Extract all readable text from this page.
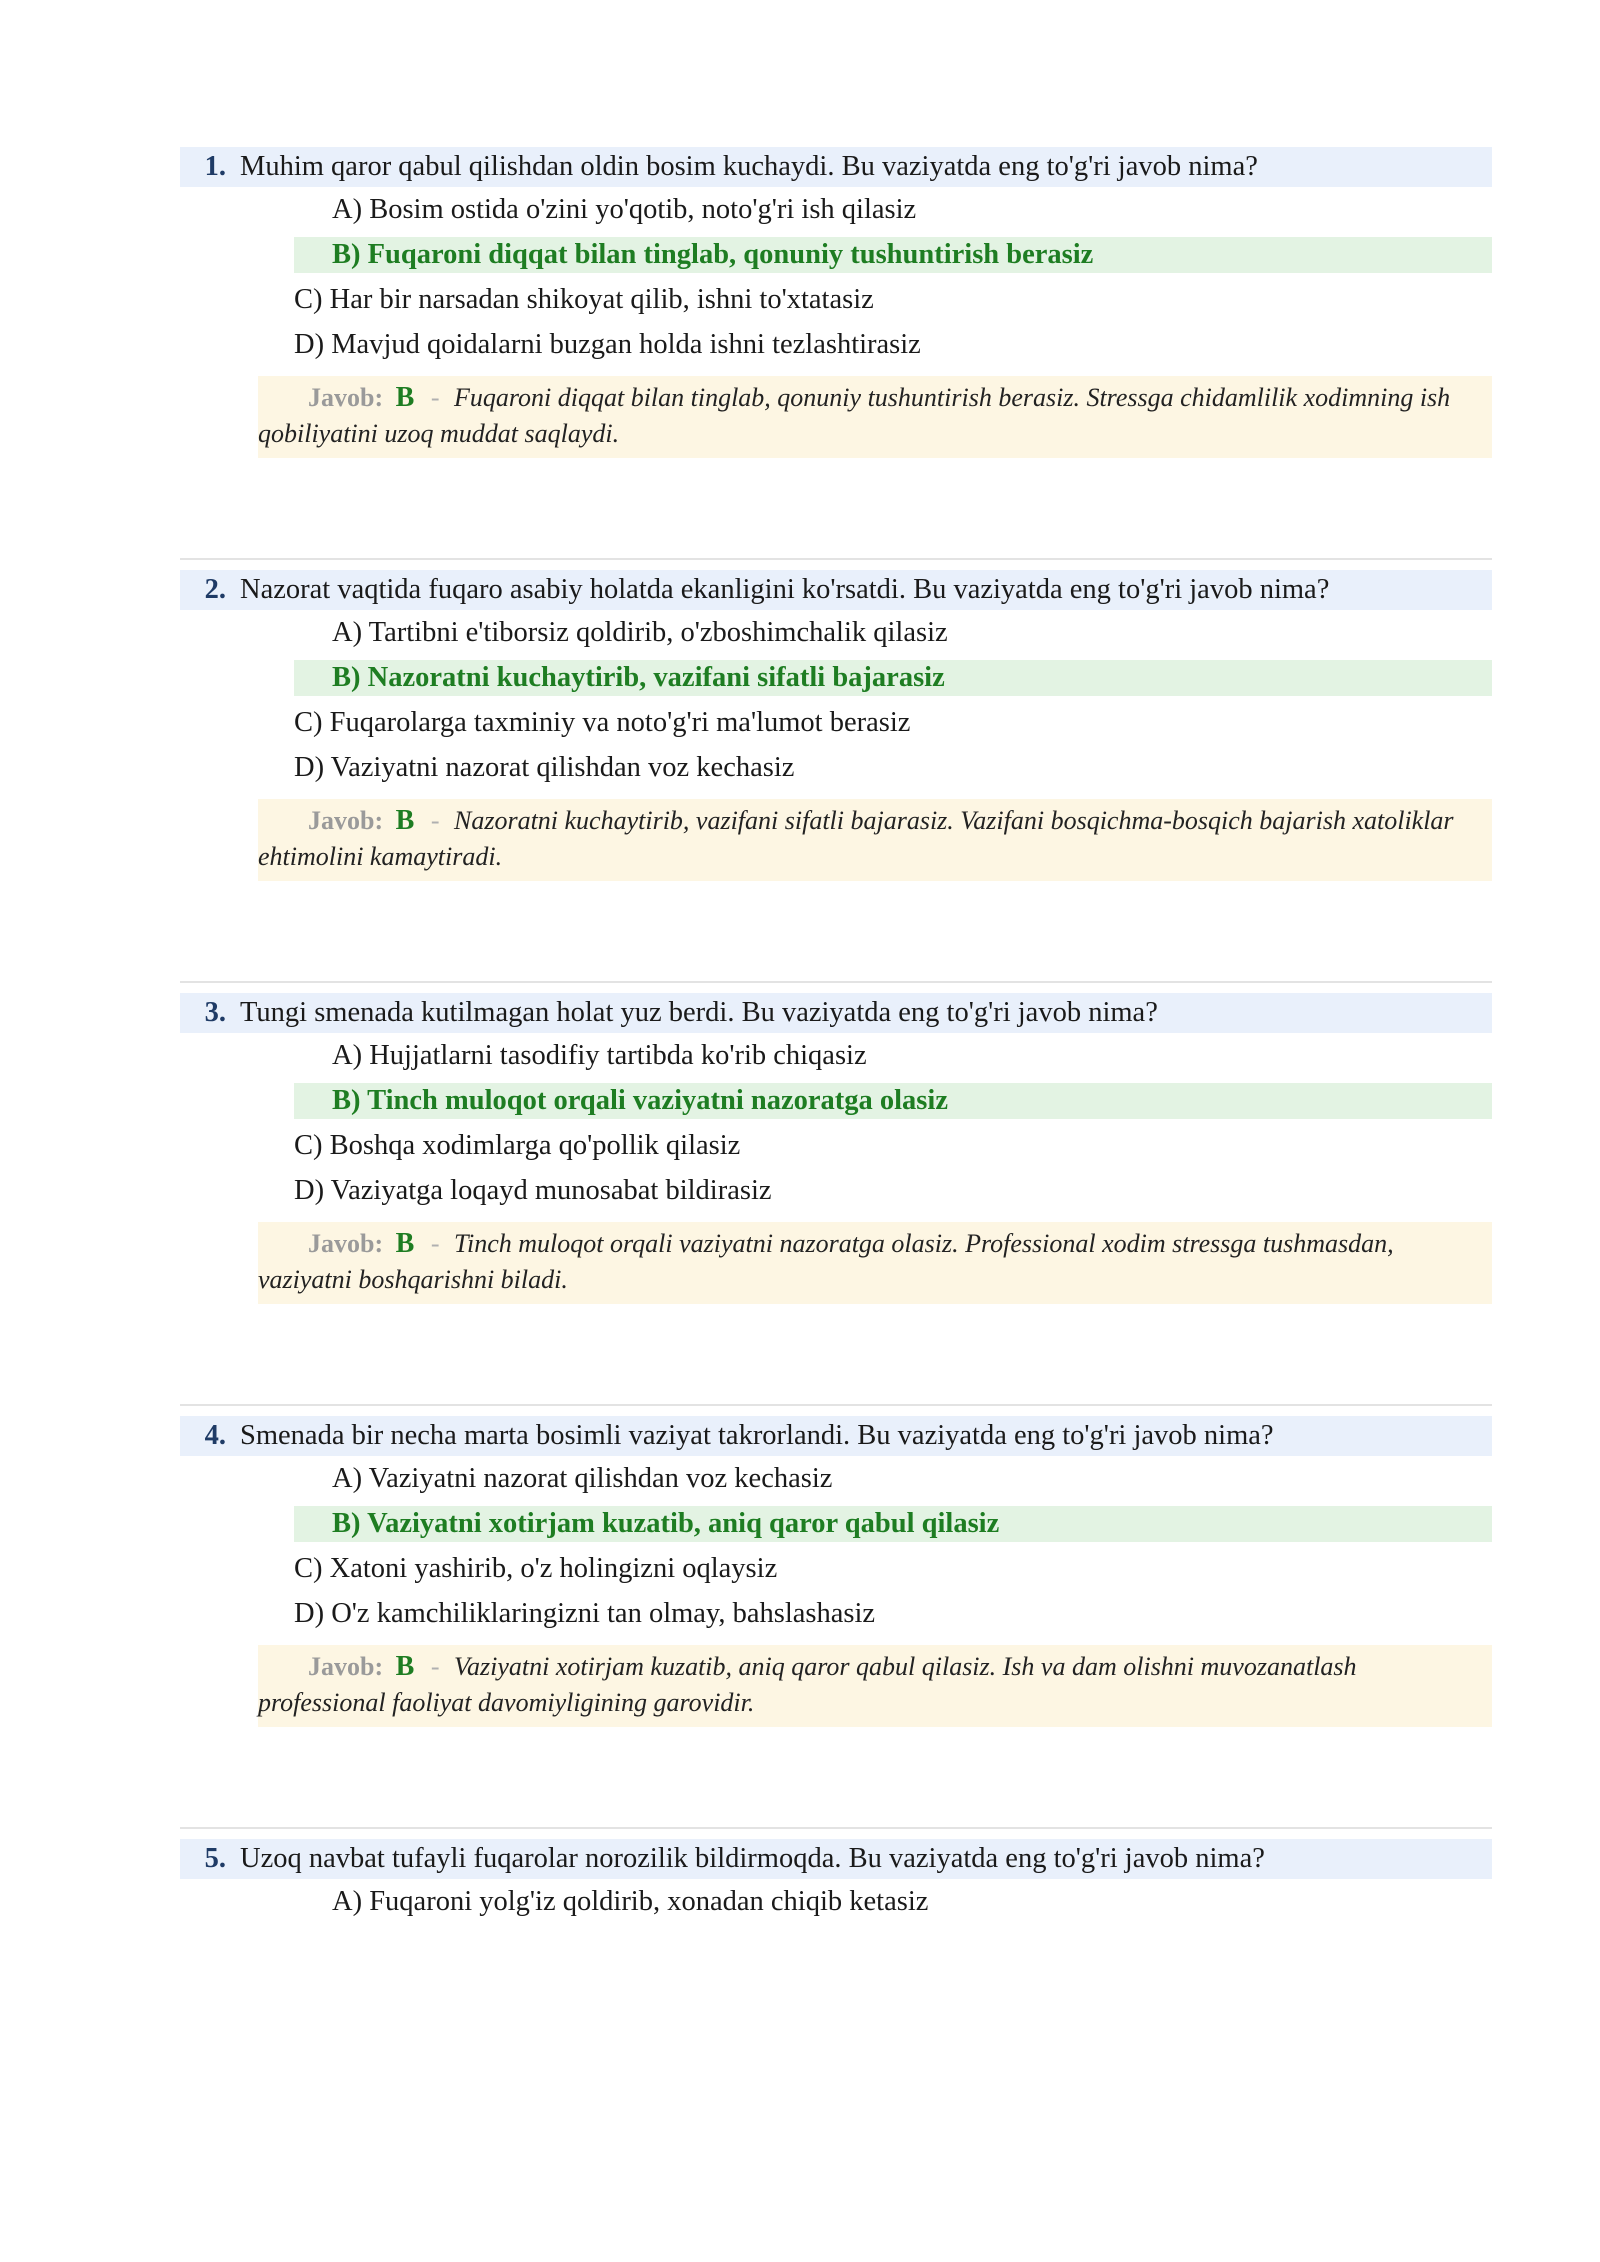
1. Muhim qaror qabul qilishdan oldin bosim kuchaydi. Bu vaziyatda eng to'g'ri javob nima?
A) Bosim ostida o'zini yo'qotib, noto'g'ri ish qilasiz
B) Fuqaroni diqqat bilan tinglab, qonuniy tushuntirish berasiz
C) Har bir narsadan shikoyat qilib, ishni to'xtatasiz
D) Mavjud qoidalarni buzgan holda ishni tezlashtirasiz
Javob: B - Fuqaroni diqqat bilan tinglab, qonuniy tushuntirish berasiz. Stressga chidamlilik xodimning ish qobiliyatini uzoq muddat saqlaydi.
2. Nazorat vaqtida fuqaro asabiy holatda ekanligini ko'rsatdi. Bu vaziyatda eng to'g'ri javob nima?
A) Tartibni e'tiborsiz qoldirib, o'zboshimchalik qilasiz
B) Nazoratni kuchaytirib, vazifani sifatli bajarasiz
C) Fuqarolarga taxminiy va noto'g'ri ma'lumot berasiz
D) Vaziyatni nazorat qilishdan voz kechasiz
Javob: B - Nazoratni kuchaytirib, vazifani sifatli bajarasiz. Vazifani bosqichma-bosqich bajarish xatoliklar ehtimolini kamaytiradi.
3. Tungi smenada kutilmagan holat yuz berdi. Bu vaziyatda eng to'g'ri javob nima?
A) Hujjatlarni tasodifiy tartibda ko'rib chiqasiz
B) Tinch muloqot orqali vaziyatni nazoratga olasiz
C) Boshqa xodimlarga qo'pollik qilasiz
D) Vaziyatga loqayd munosabat bildirasiz
Javob: B - Tinch muloqot orqali vaziyatni nazoratga olasiz. Professional xodim stressga tushmasdan, vaziyatni boshqarishni biladi.
4. Smenada bir necha marta bosimli vaziyat takrorlandi. Bu vaziyatda eng to'g'ri javob nima?
A) Vaziyatni nazorat qilishdan voz kechasiz
B) Vaziyatni xotirjam kuzatib, aniq qaror qabul qilasiz
C) Xatoni yashirib, o'z holingizni oqlaysiz
D) O'z kamchiliklaringizni tan olmay, bahslashasiz
Javob: B - Vaziyatni xotirjam kuzatib, aniq qaror qabul qilasiz. Ish va dam olishni muvozanatlash professional faoliyat davomiyligining garovidir.
5. Uzoq navbat tufayli fuqarolar norozilik bildirmoqda. Bu vaziyatda eng to'g'ri javob nima?
A) Fuqaroni yolg'iz qoldirib, xonadan chiqib ketasiz
